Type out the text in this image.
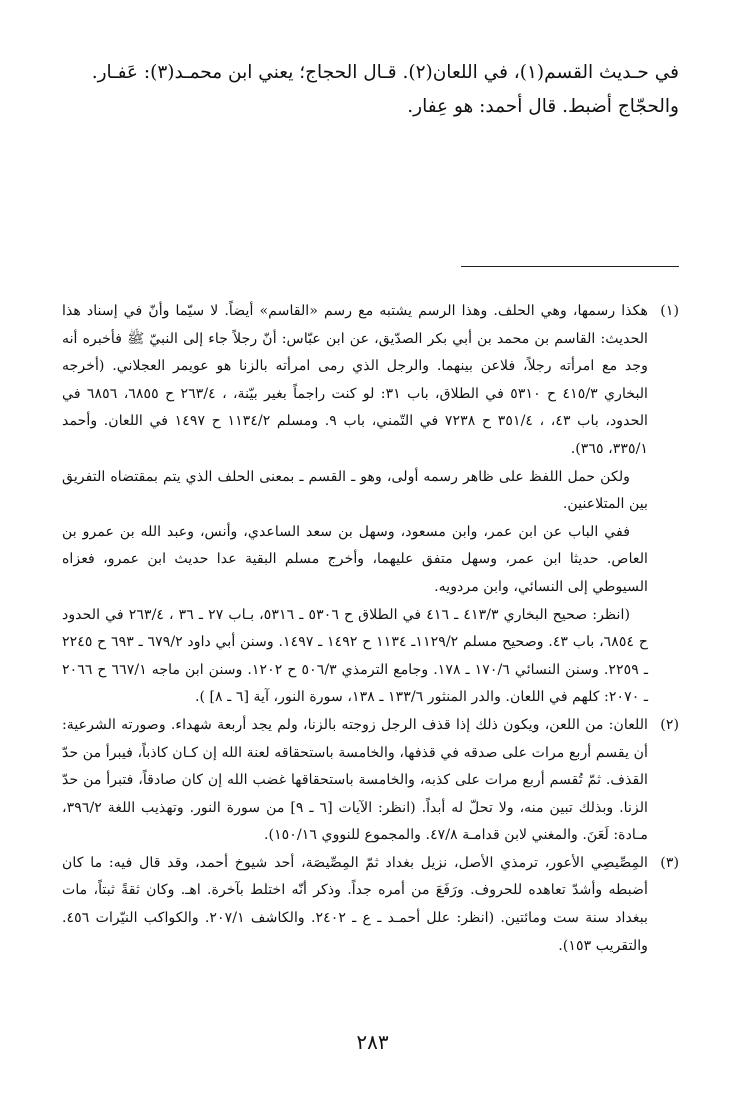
في حـديث القسم(١)، في اللعان(٢). قـال الحجاج؛ يعني ابن محمـد(٣): عَفـار.

والحجّاج أضبط. قال أحمد: هو عِفار.

(١)

هكذا رسمها، وهي الحلف. وهذا الرسم يشتبه مع رسم «القاسم» أيضاً. لا سيّما وأنّ في إسناد هذا الحديث: القاسم بن محمد بن أبي بكر الصدّيق، عن ابن عبّاس: أنّ رجلاً جاء إلى النبيّ ﷺ فأخبره أنه وجد مع امرأته رجلاً، فلاعن بينهما. والرجل الذي رمى امرأته بالزنا هو عويمر العجلاني. (أخرجه البخاري ٤١٥/٣ ح ٥٣١٠ في الطلاق، باب ٣١: لو كنت راجماً بغير بيّنة، ، ٢٦٣/٤ ح ٦٨٥٥، ٦٨٥٦ في الحدود، باب ٤٣، ، ٣٥١/٤ ح ٧٢٣٨ في التّمني، باب ٩. ومسلم ١١٣٤/٢ ح ١٤٩٧ في اللعان. وأحمد ٣٣٥/١، ٣٦٥).

ولكن حمل اللفظ على ظاهر رسمه أولى، وهو ـ القسم ـ بمعنى الحلف الذي يتم بمقتضاه التفريق بين المتلاعنين.

ففي الباب عن ابن عمر، وابن مسعود، وسهل بن سعد الساعدي، وأنس، وعبد الله بن عمرو بن العاص. حديثا ابن عمر، وسهل متفق عليهما، وأخرج مسلم البقية عدا حديث ابن عمرو، فعزاه السيوطي إلى النسائي، وابن مردويه.

(انظر: صحيح البخاري ٤١٣/٣ ـ ٤١٦ في الطلاق ح ٥٣٠٦ ـ ٥٣١٦، بـاب ٢٧ ـ ٣٦ ، ٢٦٣/٤ في الحدود ح ٦٨٥٤، باب ٤٣. وصحيح مسلم ١١٢٩/٢ـ ١١٣٤ ح ١٤٩٢ ـ ١٤٩٧. وسنن أبي داود ٦٧٩/٢ ـ ٦٩٣ ح ٢٢٤٥ ـ ٢٢٥٩. وسنن النسائي ١٧٠/٦ ـ ١٧٨. وجامع الترمذي ٥٠٦/٣ ح ١٢٠٢. وسنن ابن ماجه ٦٦٧/١ ح ٢٠٦٦ ـ ٢٠٧٠: كلهم في اللعان. والدر المنثور ١٣٣/٦ ـ ١٣٨، سورة النور، آية [٦ ـ ٨] ).

(٢)

اللعان: من اللعن، ويكون ذلك إذا قذف الرجل زوجته بالزنا، ولم يجد أربعة شهداء. وصورته الشرعية: أن يقسم أربع مرات على صدقه في قذفها، والخامسة باستحقاقه لعنة الله إن كـان كاذباً، فيبرأ من حدّ القذف. ثمّ تُقسم أربع مرات على كذبه، والخامسة باستحقاقها غضب الله إن كان صادقاً، فتبرأ من حدّ الزنا. وبذلك تبين منه، ولا تحلّ له أبداً. (انظر: الآيات [٦ ـ ٩] من سورة النور. وتهذيب اللغة ٣٩٦/٢، مـادة: لَعَنَ. والمغني لابن قدامـة ٤٧/٨. والمجموع للنووي ١٥٠/١٦).

(٣)

المِصِّيصِي الأعور، ترمذي الأصل، نزيل بغداد ثمّ المِصِّيصَة، أحد شيوخ أحمد، وقد قال فيه: ما كان أضبطه وأشدّ تعاهده للحروف. ورَفَعَ من أمره جداً. وذكر أنّه اختلط بآخرة. اهـ. وكان ثقةً ثبتاً، مات ببغداد سنة ست ومائتين. (انظر: علل أحمـد ـ ع ـ ٢٤٠٢. والكاشف ٢٠٧/١. والكواكب النيّرات ٤٥٦. والتقريب ١٥٣).

٢٨٣
